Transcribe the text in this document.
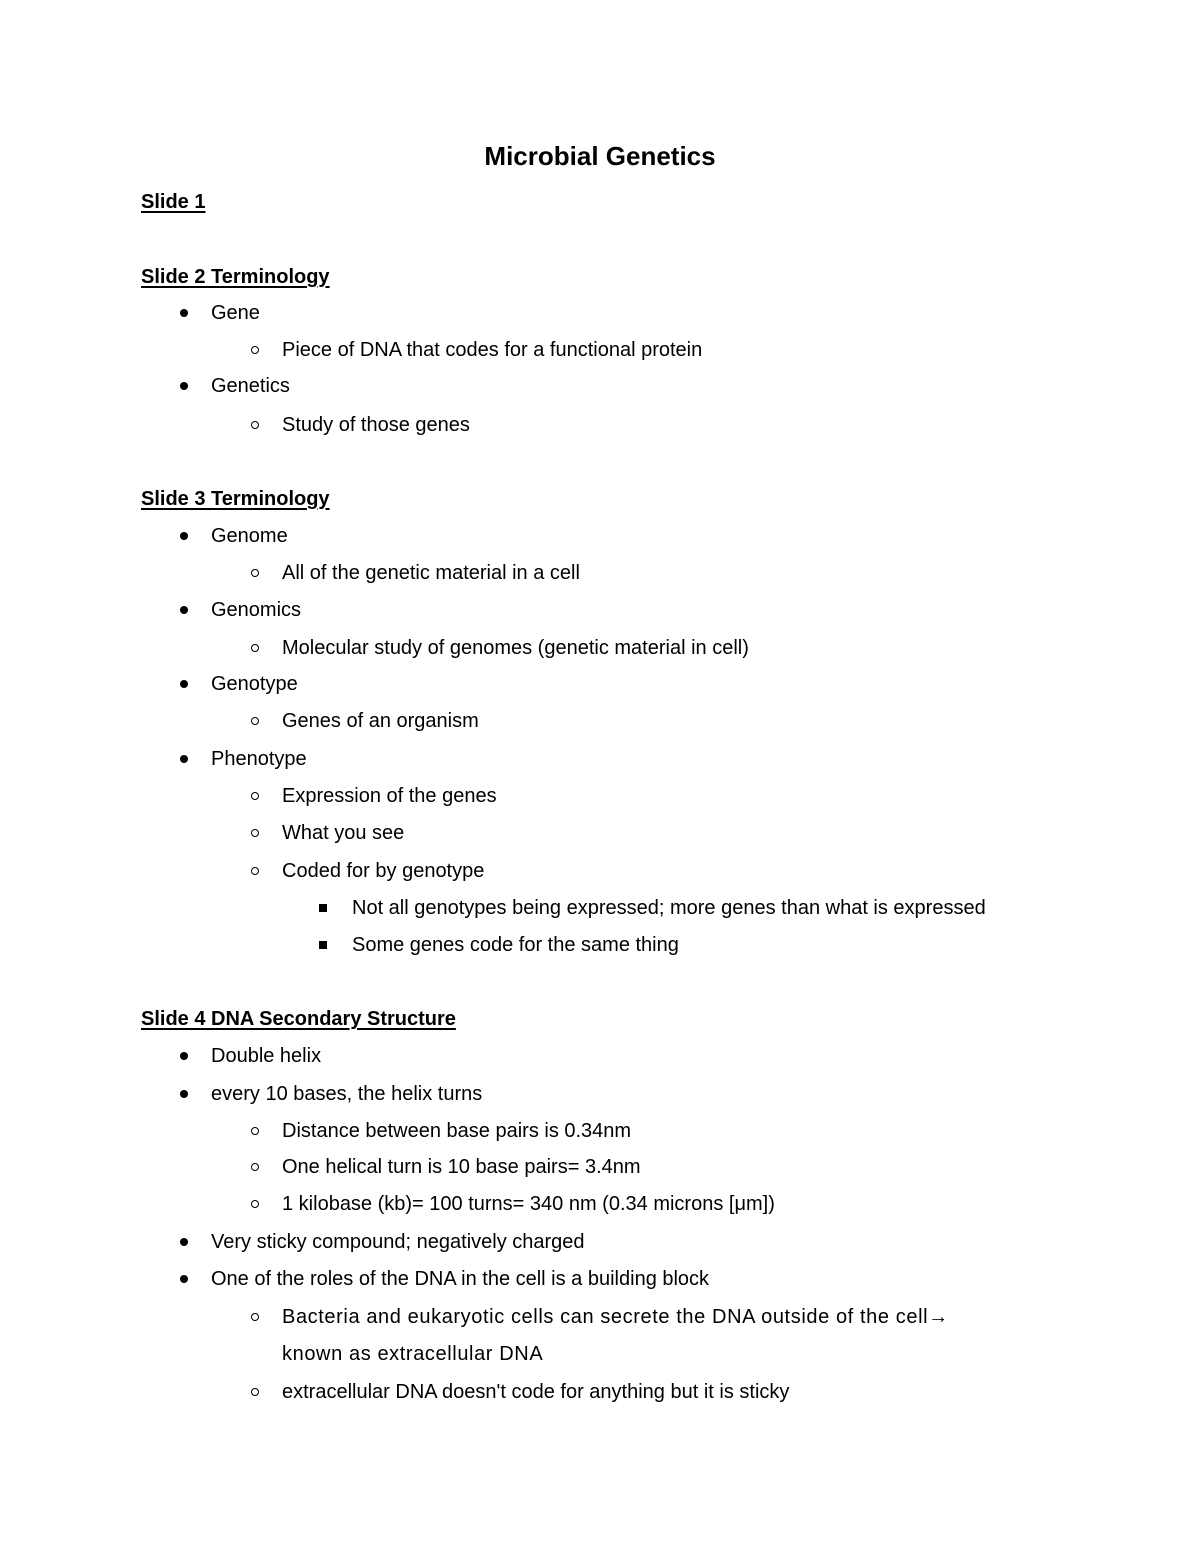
Microbial Genetics
Slide 1
Slide 2 Terminology
Gene
Piece of DNA that codes for a functional protein
Genetics
Study of those genes
Slide 3 Terminology
Genome
All of the genetic material in a cell
Genomics
Molecular study of genomes (genetic material in cell)
Genotype
Genes of an organism
Phenotype
Expression of the genes
What you see
Coded for by genotype
Not all genotypes being expressed; more genes than what is expressed
Some genes code for the same thing
Slide 4 DNA Secondary Structure
Double helix
every 10 bases, the helix turns
Distance between base pairs is 0.34nm
One helical turn is 10 base pairs= 3.4nm
1 kilobase (kb)= 100 turns= 340 nm (0.34 microns [μm])
Very sticky compound; negatively charged
One of the roles of the DNA in the cell is a building block
Bacteria and eukaryotic cells can secrete the DNA outside of the cell→
known as extracellular DNA
extracellular DNA doesn't code for anything but it is sticky
